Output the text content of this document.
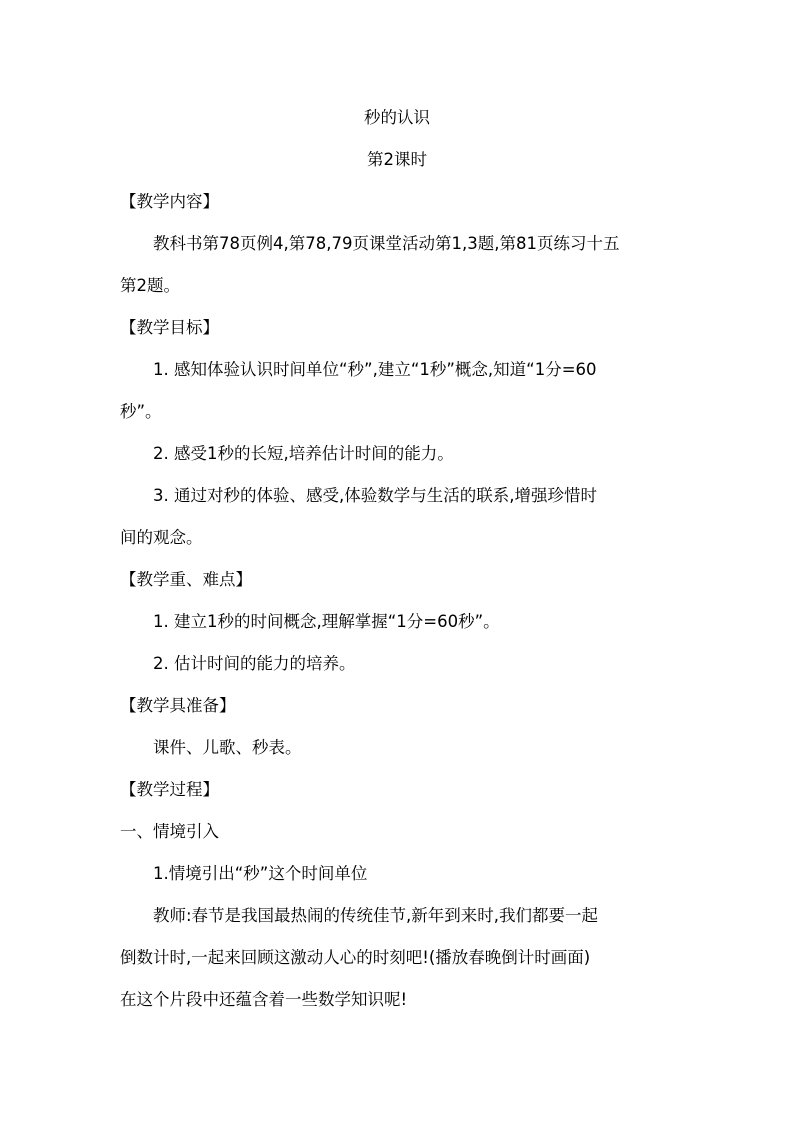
秒的认识
第2课时
【教学内容】
教科书第78页例4,第78,79页课堂活动第1,3题,第81页练习十五
第2题。
【教学目标】
1. 感知体验认识时间单位“秒”,建立“1秒”概念,知道“1分=60
秒”。
2. 感受1秒的长短,培养估计时间的能力。
3. 通过对秒的体验、感受,体验数学与生活的联系,增强珍惜时
间的观念。
【教学重、难点】
1. 建立1秒的时间概念,理解掌握“1分=60秒”。
2. 估计时间的能力的培养。
【教学具准备】
课件、儿歌、秒表。
【教学过程】
一、情境引入
1.情境引出“秒”这个时间单位
教师:春节是我国最热闹的传统佳节,新年到来时,我们都要一起
倒数计时,一起来回顾这激动人心的时刻吧!(播放春晚倒计时画面)
在这个片段中还蕴含着一些数学知识呢!
